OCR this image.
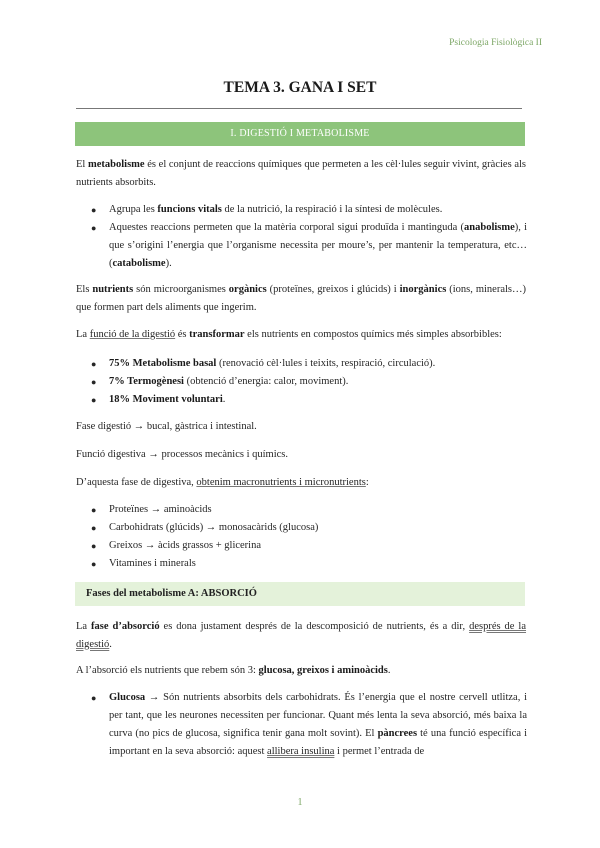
Psicologia Fisiològica II
TEMA 3. GANA I SET
I. DIGESTIÓ I METABOLISME

El metabolisme és el conjunt de reaccions químiques que permeten a les cèl·lules seguir vivint, gràcies als nutrients absorbits.

●	Agrupa les funcions vitals de la nutrició, la respiració i la síntesi de molècules.

●	Aquestes reaccions permeten que la matèria corporal sigui produïda i mantinguda (anabolisme), i que s’origini l’energia que l’organisme necessita per moure’s, per mantenir la temperatura, etc… (catabolisme).

Els nutrients són microorganismes orgànics (proteïnes, greixos i glúcids) i inorgànics (ions, minerals…) que formen part dels aliments que ingerim.

La funció de la digestió és transformar els nutrients en compostos químics més simples absorbibles:

●	75% Metabolisme basal (renovació cèl·lules i teixits, respiració, circulació).

●	7% Termogènesi (obtenció d’energia: calor, moviment).

●	18% Moviment voluntari.

Fase digestió → bucal, gàstrica i intestinal.

Funció digestiva → processos mecànics i químics.

D’aquesta fase de digestiva, obtenim macronutrients i micronutrients:

●	Proteïnes → aminoàcids

●	Carbohidrats (glúcids) → monosacàrids (glucosa)

●	Greixos → àcids grassos + glicerina

●	Vitamines i minerals

Fases del metabolisme A: ABSORCIÓ

La fase d’absorció es dona justament després de la descomposició de nutrients, és a dir, després de la digestió.

A l’absorció els nutrients que rebem són 3: glucosa, greixos i aminoàcids.

●	Glucosa → Són nutrients absorbits dels carbohidrats. És l’energia que el nostre cervell utlitza, i per tant, que les neurones necessiten per funcionar. Quant més lenta la seva absorció, més baixa la curva (no pics de glucosa, significa tenir gana molt sovint). El pàncrees té una funció específica i important en la seva absorció: aquest allibera insulina i permet l’entrada de

1
